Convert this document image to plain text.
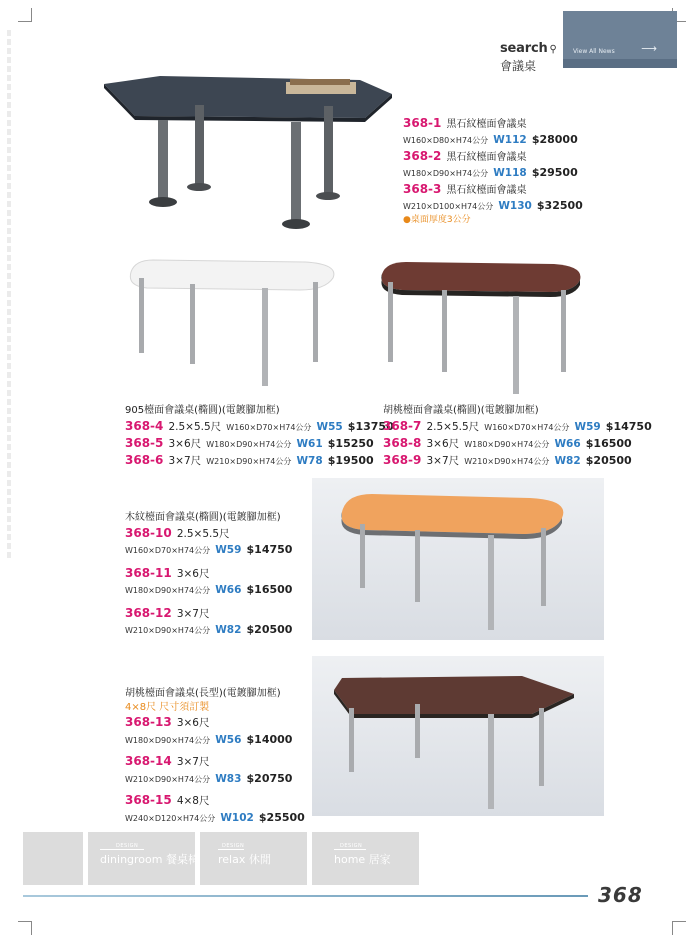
search ⚲
會議桌
View All News ⟶
368-1 黑石紋檯面會議桌
W160×D80×H74公分 W112 $28000
368-2 黑石紋檯面會議桌
W180×D90×H74公分 W118 $29500
368-3 黑石紋檯面會議桌
W210×D100×H74公分 W130 $32500
●桌面厚度3公分
905檯面會議桌(橢圓)(電鍍腳加框)
368-4 2.5×5.5尺 W160×D70×H74公分 W55 $13750
368-5 3×6尺 W180×D90×H74公分 W61 $15250
368-6 3×7尺 W210×D90×H74公分 W78 $19500
胡桃檯面會議桌(橢圓)(電鍍腳加框)
368-7 2.5×5.5尺 W160×D70×H74公分 W59 $14750
368-8 3×6尺 W180×D90×H74公分 W66 $16500
368-9 3×7尺 W210×D90×H74公分 W82 $20500
木紋檯面會議桌(橢圓)(電鍍腳加框)
368-10 2.5×5.5尺
W160×D70×H74公分 W59 $14750
368-11 3×6尺
W180×D90×H74公分 W66 $16500
368-12 3×7尺
W210×D90×H74公分 W82 $20500
胡桃檯面會議桌(長型)(電鍍腳加框)
4×8尺 尺寸須訂製
368-13 3×6尺
W180×D90×H74公分 W56 $14000
368-14 3×7尺
W210×D90×H74公分 W83 $20750
368-15 4×8尺
W240×D120×H74公分 W102 $25500
DESIGN
diningroom 餐桌椅
DESIGN
relax 休閒
DESIGN
home 居家
368
